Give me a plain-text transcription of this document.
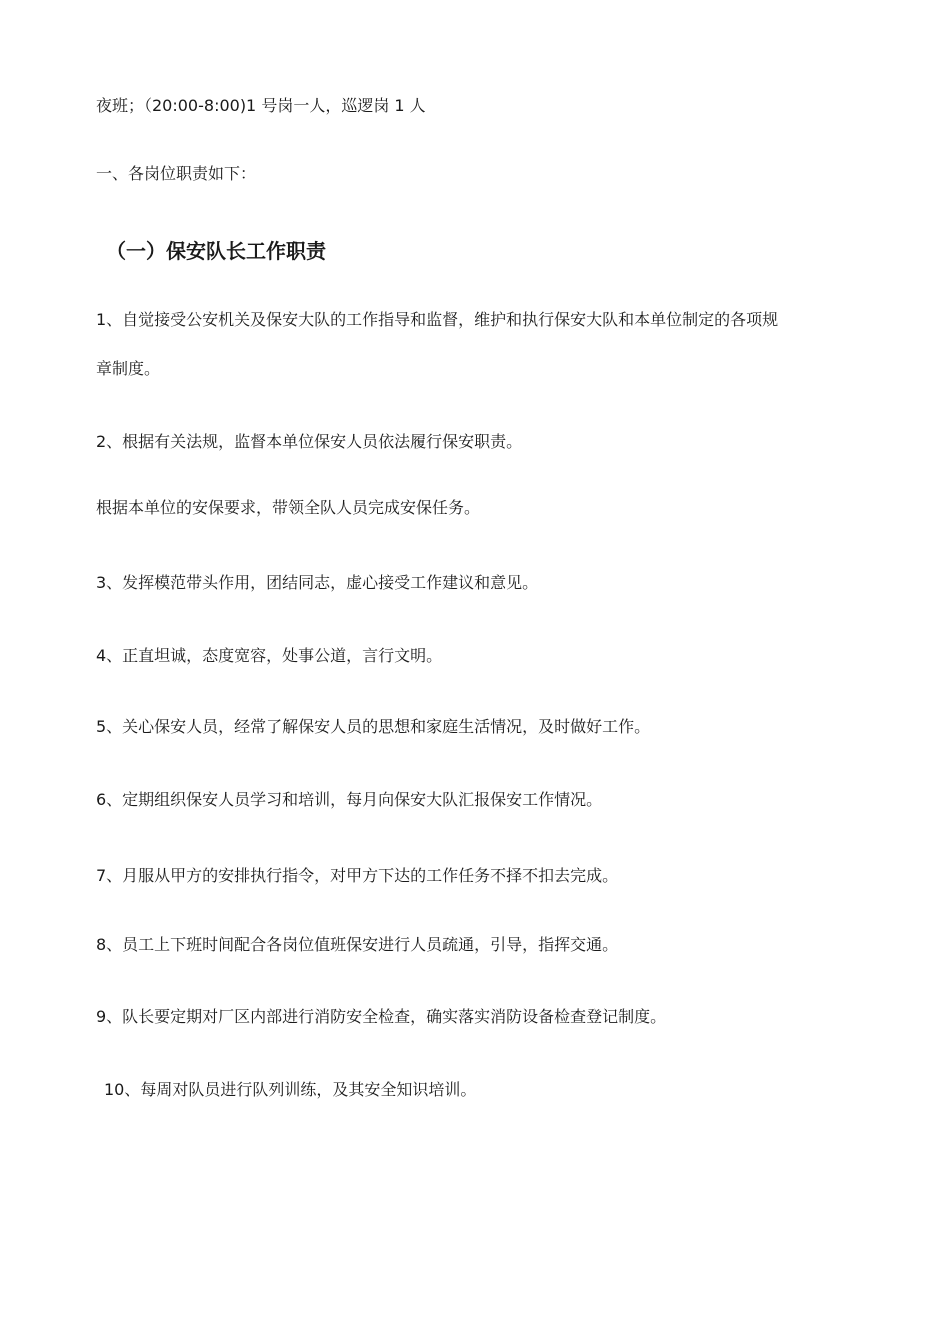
夜班；（20:00-8:00)1 号岗一人，巡逻岗 1 人
一、各岗位职责如下：
（一）保安队长工作职责
1、自觉接受公安机关及保安大队的工作指导和监督，维护和执行保安大队和本单位制定的各项规
章制度。
2、根据有关法规，监督本单位保安人员依法履行保安职责。
根据本单位的安保要求，带领全队人员完成安保任务。
3、发挥模范带头作用，团结同志，虚心接受工作建议和意见。
4、正直坦诚，态度宽容，处事公道，言行文明。
5、关心保安人员，经常了解保安人员的思想和家庭生活情况，及时做好工作。
6、定期组织保安人员学习和培训，每月向保安大队汇报保安工作情况。
7、月服从甲方的安排执行指令，对甲方下达的工作任务不择不扣去完成。
8、员工上下班时间配合各岗位值班保安进行人员疏通，引导，指挥交通。
9、队长要定期对厂区内部进行消防安全检查，确实落实消防设备检查登记制度。
10、每周对队员进行队列训练，及其安全知识培训。
